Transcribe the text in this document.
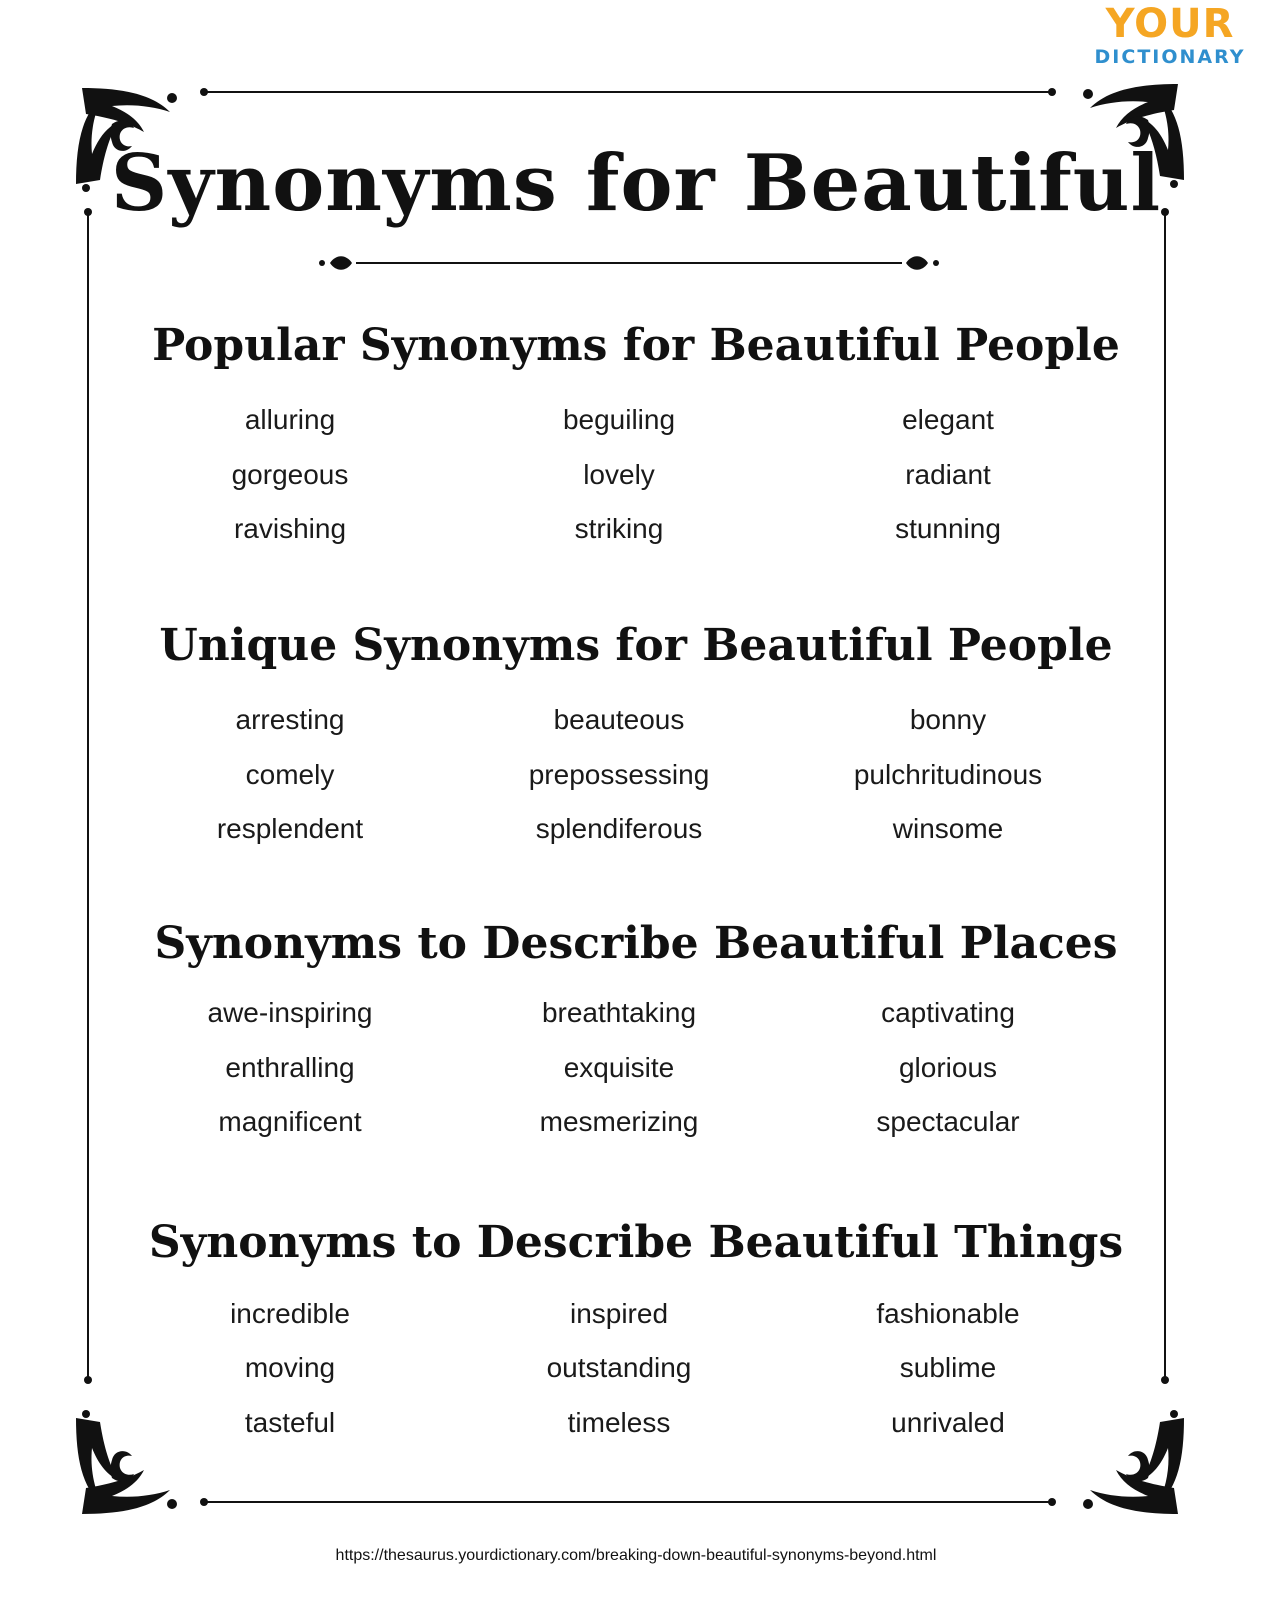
YOUR
DICTIONARY
Synonyms for Beautiful
Popular Synonyms for Beautiful People
Unique Synonyms for Beautiful People
Synonyms to Describe Beautiful Places
Synonyms to Describe Beautiful Things
alluring	beguiling	elegant
gorgeous	lovely	radiant
ravishing	striking	stunning
arresting	beauteous	bonny
comely	prepossessing	pulchritudinous
resplendent	splendiferous	winsome
awe-inspiring	breathtaking	captivating
enthralling	exquisite	glorious
magnificent	mesmerizing	spectacular
incredible	inspired	fashionable
moving	outstanding	sublime
tasteful	timeless	unrivaled
https://thesaurus.yourdictionary.com/breaking-down-beautiful-synonyms-beyond.html
